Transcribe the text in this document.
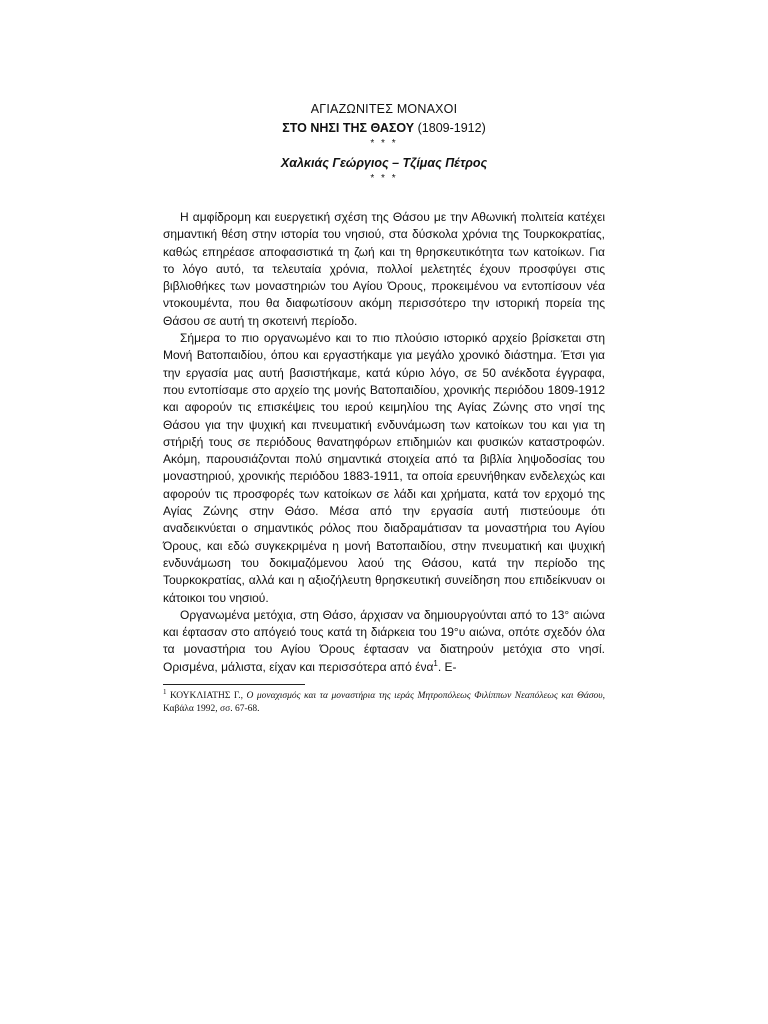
ΑΓΙΑΖΩΝΙΤΕΣ ΜΟΝΑΧΟΙ
ΣΤΟ ΝΗΣΙ ΤΗΣ ΘΑΣΟΥ (1809-1912)
* * *
Χαλκιάς Γεώργιος – Τζίμας Πέτρος
* * *

Η αμφίδρομη και ευεργετική σχέση της Θάσου με την Αθωνική πολιτεία κατέχει σημαντική θέση στην ιστορία του νησιού, στα δύσκολα χρόνια της Τουρκοκρατίας, καθώς επηρέασε αποφασιστικά τη ζωή και τη θρησκευτικότητα των κατοίκων. Για το λόγο αυτό, τα τελευταία χρόνια, πολλοί μελετητές έχουν προσφύγει στις βιβλιοθήκες των μοναστηριών του Αγίου Όρους, προκειμένου να εντοπίσουν νέα ντοκουμέντα, που θα διαφωτίσουν ακόμη περισσότερο την ιστορική πορεία της Θάσου σε αυτή τη σκοτεινή περίοδο.

Σήμερα το πιο οργανωμένο και το πιο πλούσιο ιστορικό αρχείο βρίσκεται στη Μονή Βατοπαιδίου, όπου και εργαστήκαμε για μεγάλο χρονικό διάστημα. Έτσι για την εργασία μας αυτή βασιστήκαμε, κατά κύριο λόγο, σε 50 ανέκδοτα έγγραφα, που εντοπίσαμε στο αρχείο της μονής Βατοπαιδίου, χρονικής περιόδου 1809-1912 και αφορούν τις επισκέψεις του ιερού κειμηλίου της Αγίας Ζώνης στο νησί της Θάσου για την ψυχική και πνευματική ενδυνάμωση των κατοίκων του και για τη στήριξή τους σε περιόδους θανατηφόρων επιδημιών και φυσικών καταστροφών. Ακόμη, παρουσιάζονται πολύ σημαντικά στοιχεία από τα βιβλία ληψοδοσίας του μοναστηριού, χρονικής περιόδου 1883-1911, τα οποία ερευνήθηκαν ενδελεχώς και αφορούν τις προσφορές των κατοίκων σε λάδι και χρήματα, κατά τον ερχομό της Αγίας Ζώνης στην Θάσο. Μέσα από την εργασία αυτή πιστεύουμε ότι αναδεικνύεται ο σημαντικός ρόλος που διαδραμάτισαν τα μοναστήρια του Αγίου Όρους, και εδώ συγκεκριμένα η μονή Βατοπαιδίου, στην πνευματική και ψυχική ενδυνάμωση του δοκιμαζόμενου λαού της Θάσου, κατά την περίοδο της Τουρκοκρατίας, αλλά και η αξιοζήλευτη θρησκευτική συνείδηση που επιδείκνυαν οι κάτοικοι του νησιού.

Οργανωμένα μετόχια, στη Θάσο, άρχισαν να δημιουργούνται από το 13° αιώνα και έφτασαν στο απόγειό τους κατά τη διάρκεια του 19°υ αιώνα, οπότε σχεδόν όλα τα μοναστήρια του Αγίου Όρους έφτασαν να διατηρούν μετόχια στο νησί. Ορισμένα, μάλιστα, είχαν και περισσότερα από ένα$^1$. Ε-

$^1$ ΚΟΥΚΛΙΑΤΗΣ Γ., Ο μοναχισμός και τα μοναστήρια της ιεράς Μητροπόλεως Φιλίππων Νεαπόλεως και Θάσου, Καβάλα 1992, σσ. 67-68.
